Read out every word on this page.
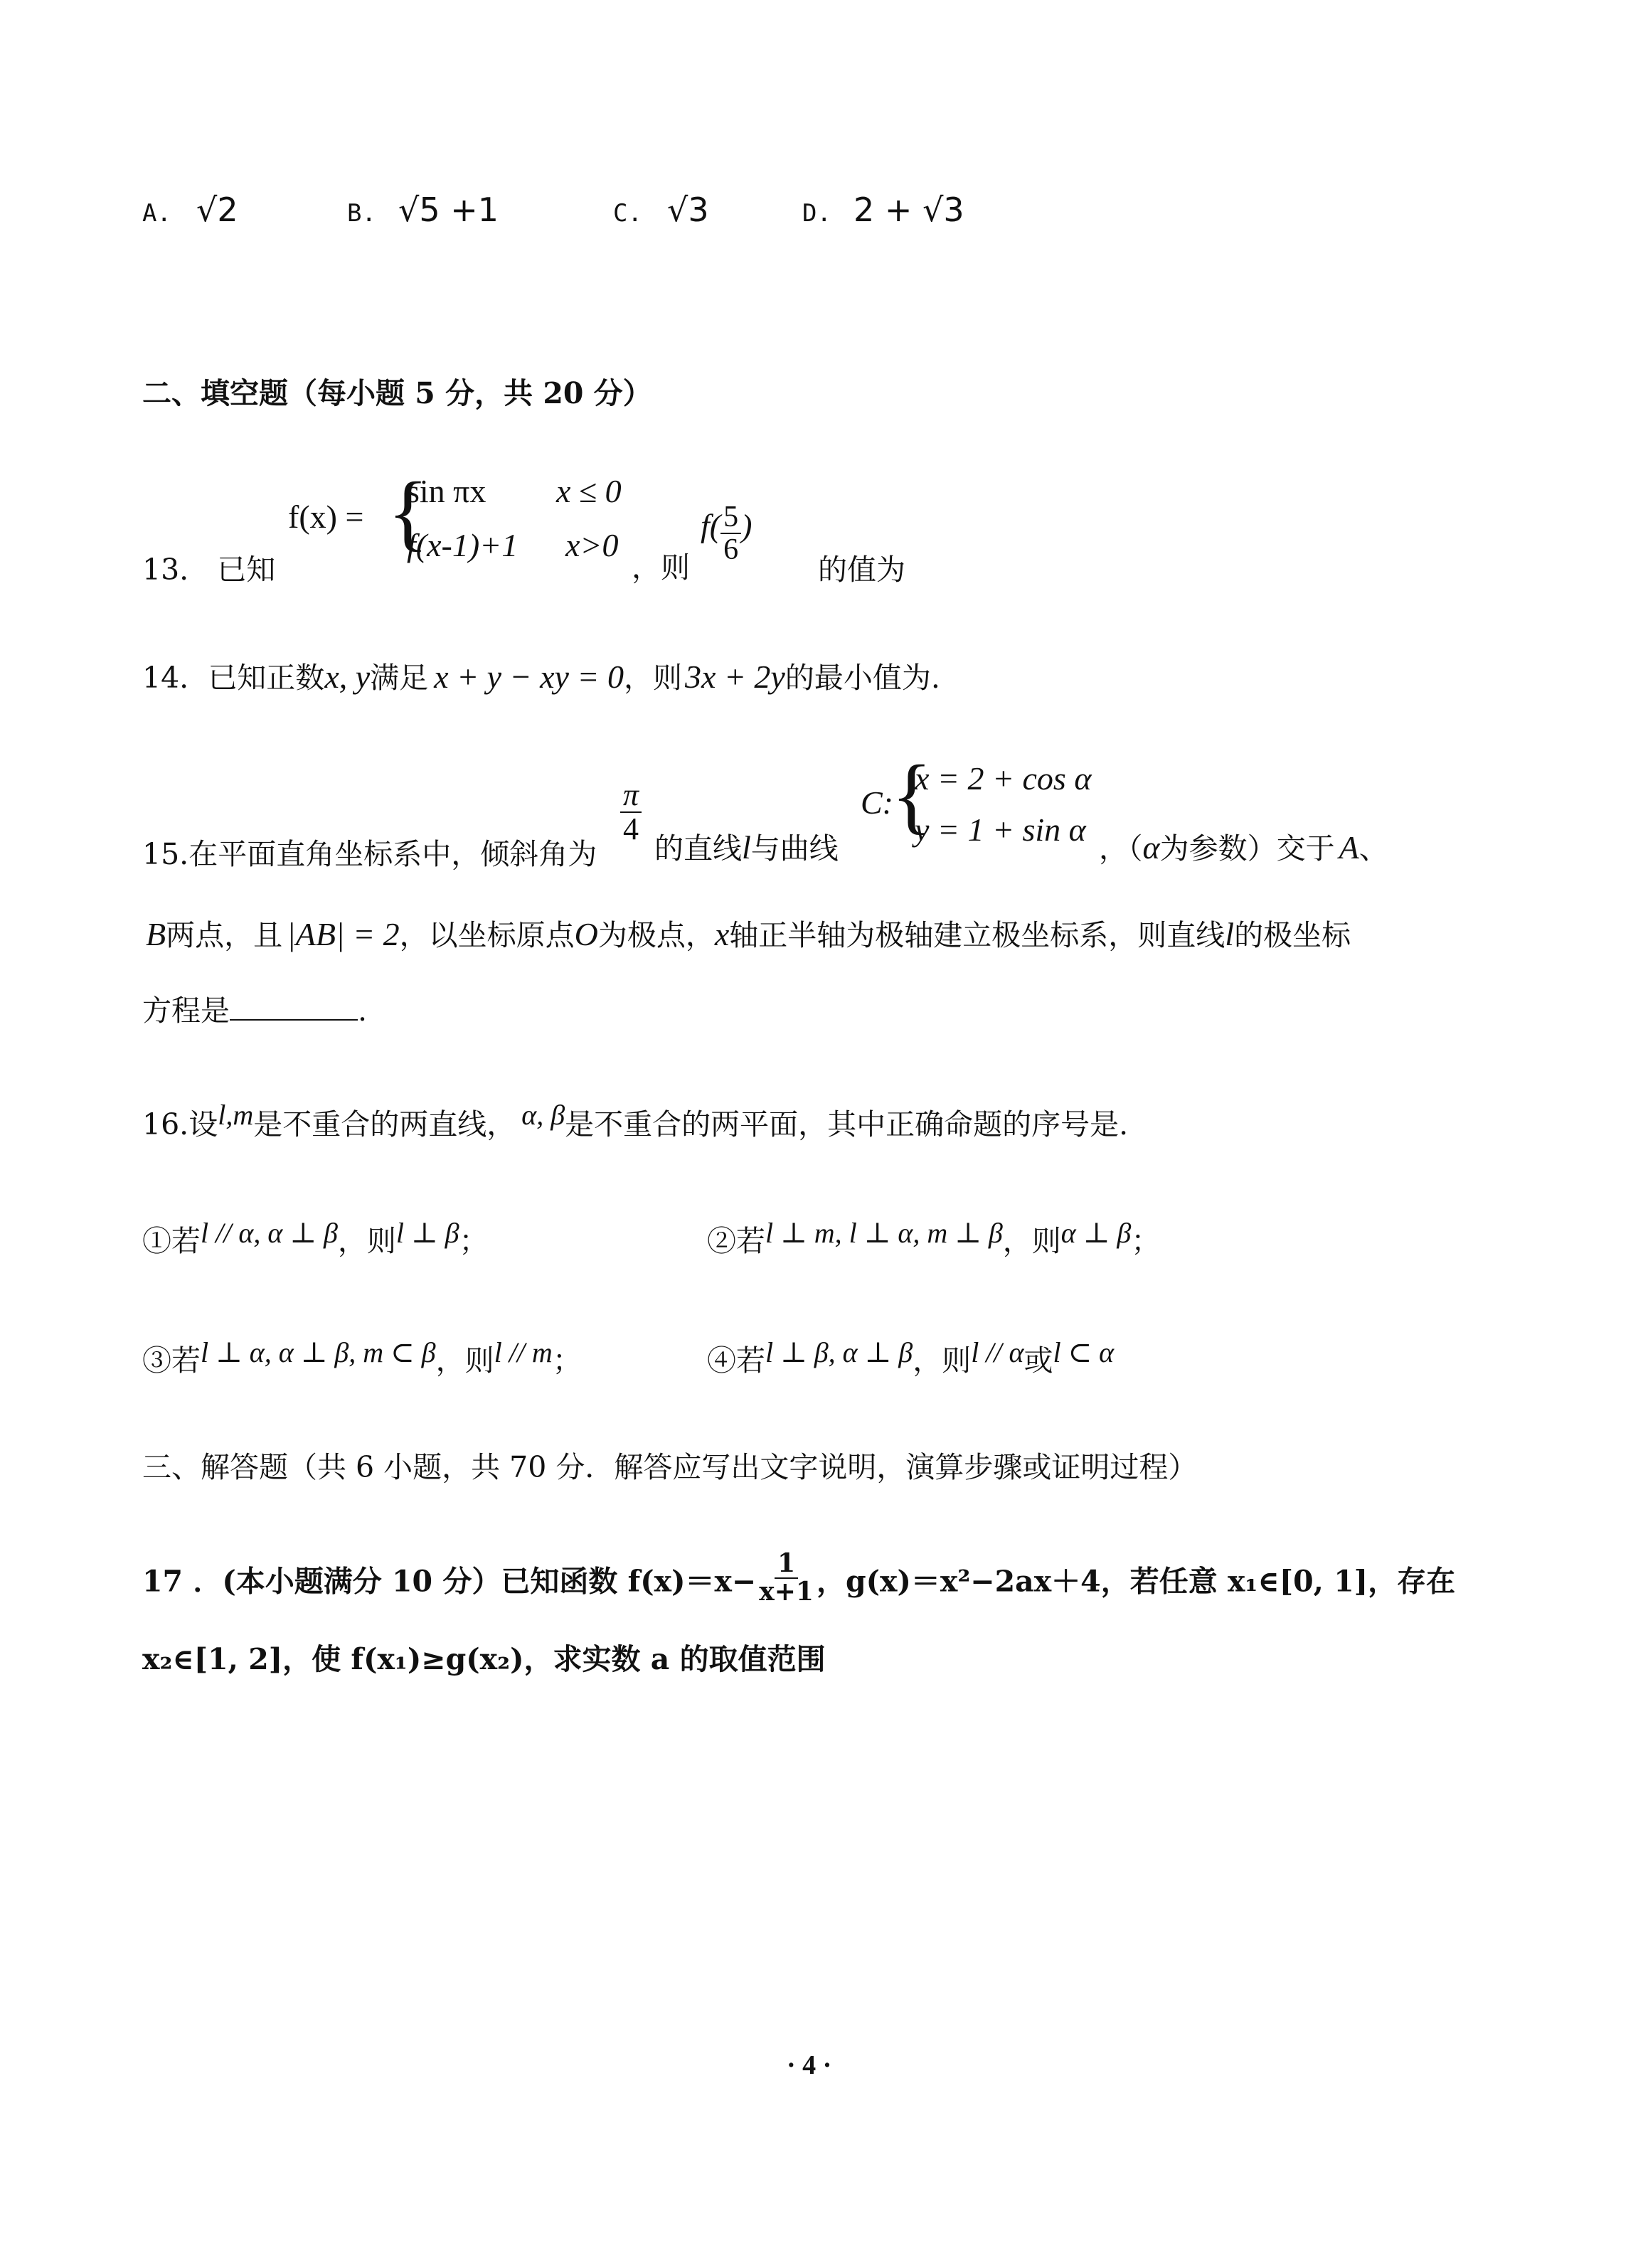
A. √2	B. √5 +1	C. √3	D. 2 + √3
二、填空题（每小题 5 分，共 20 分）
13. 已知
f(x) = {
sin πx x ≤ 0
f(x-1)+1 x>0
，则
$f( \frac{5}{6}$ )
的值为
14. 已知正数x, y满足 x + y − xy = 0，则3x + 2y的最小值为.
15.在平面直角坐标系中，倾斜角为
$\frac{\pi}{4}$
的直线l与曲线
C:
{
x = 2 + cos α
y = 1 + sin α
，（α为参数）交于 A、
B两点，且 |AB| = 2，以坐标原点O为极点，x轴正半轴为极轴建立极坐标系，则直线l的极坐标
方程是	.
16.设l,m是不重合的两直线， α, β是不重合的两平面，其中正确命题的序号是.
①若l // α, α ⊥ β，则l ⊥ β；	②若l ⊥ m, l ⊥ α, m ⊥ β，则α ⊥ β；
③若l ⊥ α, α ⊥ β, m ⊂ β，则l // m；	④若l ⊥ β, α ⊥ β，则l // α或l ⊂ α
三、解答题（共 6 小题，共 70 分．解答应写出文字说明，演算步骤或证明过程）
17 ．(本小题满分 10 分）已知函数 $f(x)=x- \frac{1}{x+1}$ ，g(x)＝x²−2ax＋4，若任意 x₁∈[0, 1]，存在
x₂∈[1, 2]，使 f(x₁)≥g(x₂)，求实数 a 的取值范围
· 4 ·
